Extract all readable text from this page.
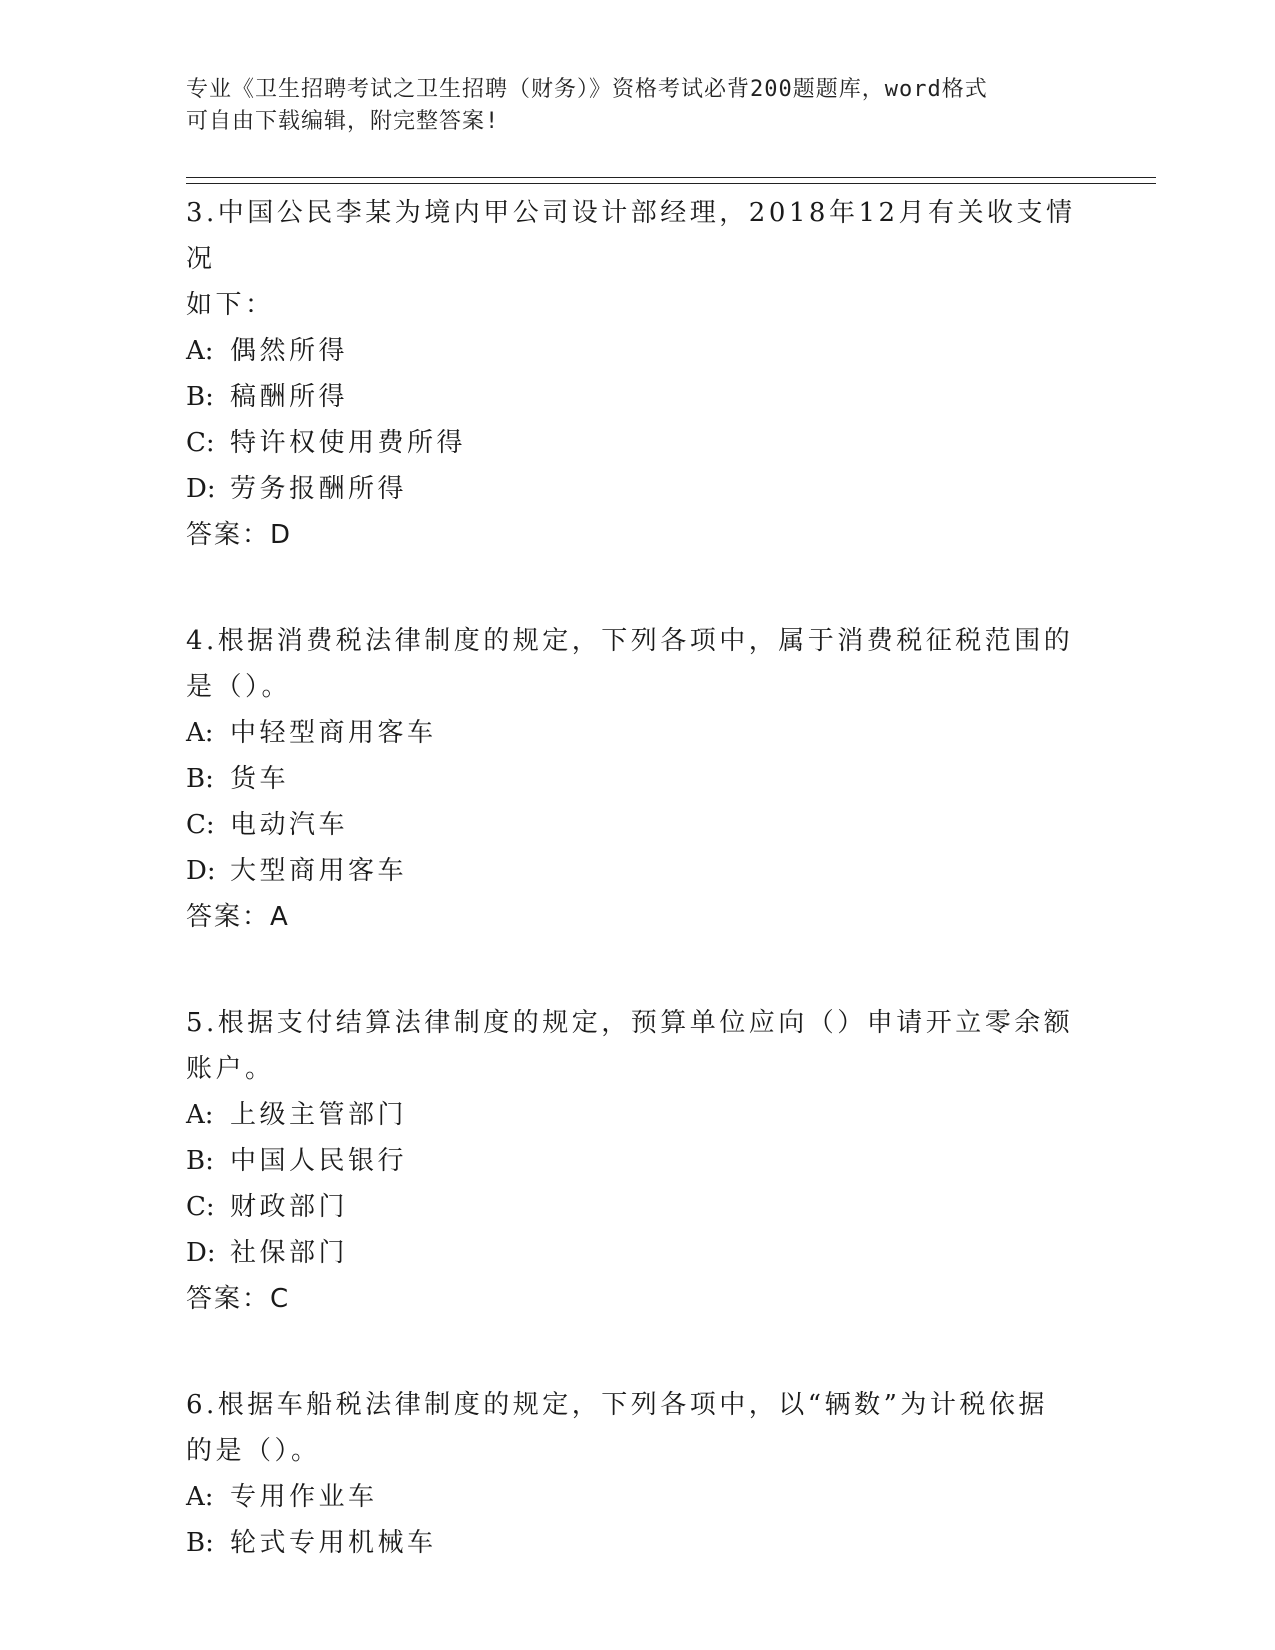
专业《卫生招聘考试之卫生招聘（财务）》资格考试必背200题题库，word格式
可自由下载编辑，附完整答案!

3.中国公民李某为境内甲公司设计部经理，2018年12月有关收支情况
如下：

A: 偶然所得

B: 稿酬所得

C: 特许权使用费所得

D: 劳务报酬所得

答案：D

4.根据消费税法律制度的规定，下列各项中，属于消费税征税范围的
是（）。

A: 中轻型商用客车

B: 货车

C: 电动汽车

D: 大型商用客车

答案：A

5.根据支付结算法律制度的规定，预算单位应向（）申请开立零余额
账户。

A: 上级主管部门

B: 中国人民银行

C: 财政部门

D: 社保部门

答案：C

6.根据车船税法律制度的规定，下列各项中，以“辆数”为计税依据
的是（）。

A: 专用作业车

B: 轮式专用机械车
